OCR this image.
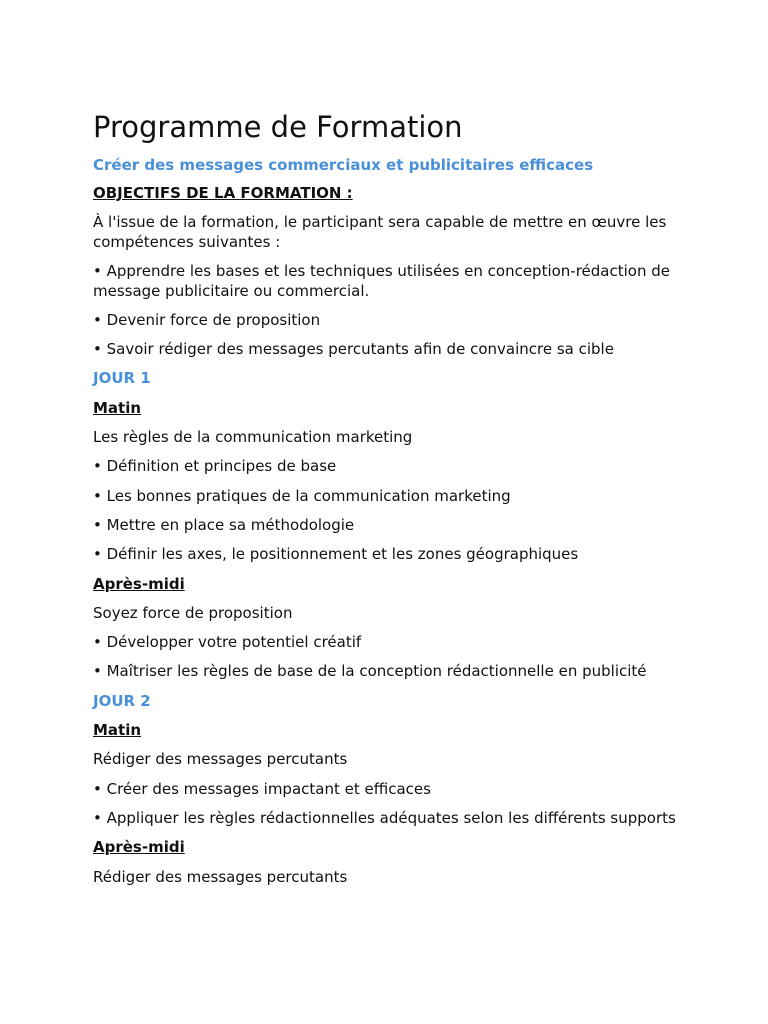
Programme de Formation
Créer des messages commerciaux et publicitaires efficaces
OBJECTIFS DE LA FORMATION :
À l'issue de la formation, le participant sera capable de mettre en œuvre les compétences suivantes :
• Apprendre les bases et les techniques utilisées en conception-rédaction de message publicitaire ou commercial.
• Devenir force de proposition
• Savoir rédiger des messages percutants afin de convaincre sa cible
JOUR 1
Matin
Les règles de la communication marketing
• Définition et principes de base
• Les bonnes pratiques de la communication marketing
• Mettre en place sa méthodologie
• Définir les axes, le positionnement et les zones géographiques
Après-midi
Soyez force de proposition
• Développer votre potentiel créatif
• Maîtriser les règles de base de la conception rédactionnelle en publicité
JOUR 2
Matin
Rédiger des messages percutants
• Créer des messages impactant et efficaces
• Appliquer les règles rédactionnelles adéquates selon les différents supports
Après-midi
Rédiger des messages percutants
